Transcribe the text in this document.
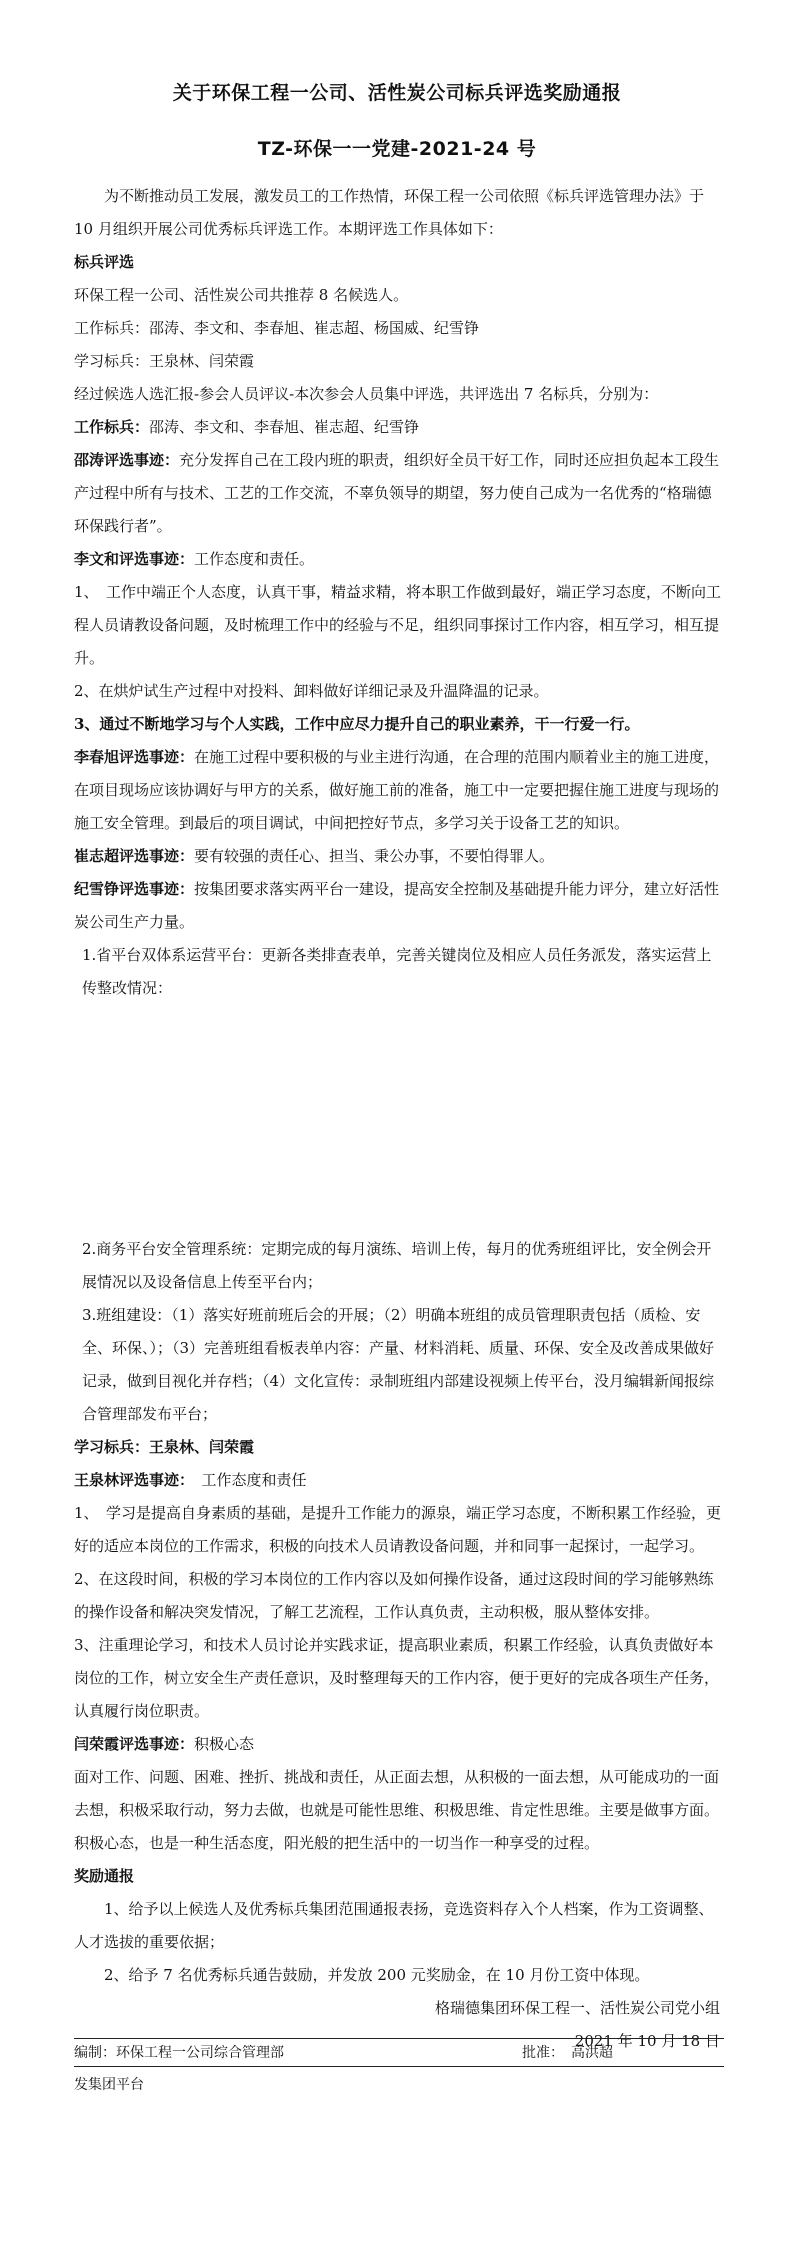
关于环保工程一公司、活性炭公司标兵评选奖励通报
TZ-环保一一党建-2021-24 号

为不断推动员工发展，激发员工的工作热情，环保工程一公司依照《标兵评选管理办法》于 10 月组织开展公司优秀标兵评选工作。本期评选工作具体如下：

标兵评选

环保工程一公司、活性炭公司共推荐 8 名候选人。

工作标兵：邵涛、李文和、李春旭、崔志超、杨国威、纪雪铮

学习标兵：王泉林、闫荣霞

经过候选人选汇报-参会人员评议-本次参会人员集中评选，共评选出 7 名标兵，分别为：

工作标兵：邵涛、李文和、李春旭、崔志超、纪雪铮

邵涛评选事迹：充分发挥自己在工段内班的职责，组织好全员干好工作，同时还应担负起本工段生产过程中所有与技术、工艺的工作交流，不辜负领导的期望，努力使自己成为一名优秀的“格瑞德环保践行者”。

李文和评选事迹：工作态度和责任。

1、　工作中端正个人态度，认真干事，精益求精，将本职工作做到最好，端正学习态度，不断向工程人员请教设备问题，及时梳理工作中的经验与不足，组织同事探讨工作内容，相互学习，相互提升。

2、在烘炉试生产过程中对投料、卸料做好详细记录及升温降温的记录。

3、通过不断地学习与个人实践，工作中应尽力提升自己的职业素养，干一行爱一行。

李春旭评选事迹：在施工过程中要积极的与业主进行沟通，在合理的范围内顺着业主的施工进度，在项目现场应该协调好与甲方的关系，做好施工前的准备，施工中一定要把握住施工进度与现场的施工安全管理。到最后的项目调试，中间把控好节点，多学习关于设备工艺的知识。

崔志超评选事迹：要有较强的责任心、担当、秉公办事，不要怕得罪人。

纪雪铮评选事迹：按集团要求落实两平台一建设，提高安全控制及基础提升能力评分，建立好活性炭公司生产力量。

1.省平台双体系运营平台：更新各类排查表单，完善关键岗位及相应人员任务派发，落实运营上传整改情况：

2.商务平台安全管理系统：定期完成的每月演练、培训上传，每月的优秀班组评比，安全例会开展情况以及设备信息上传至平台内；

3.班组建设：（1）落实好班前班后会的开展；（2）明确本班组的成员管理职责包括（质检、安全、环保、）；（3）完善班组看板表单内容：产量、材料消耗、质量、环保、安全及改善成果做好记录，做到目视化并存档；（4）文化宣传：录制班组内部建设视频上传平台，没月编辑新闻报综合管理部发布平台；

学习标兵：王泉林、闫荣霞

王泉林评选事迹：　工作态度和责任

1、　学习是提高自身素质的基础，是提升工作能力的源泉，端正学习态度，不断积累工作经验，更好的适应本岗位的工作需求，积极的向技术人员请教设备问题，并和同事一起探讨，一起学习。

2、在这段时间，积极的学习本岗位的工作内容以及如何操作设备，通过这段时间的学习能够熟练的操作设备和解决突发情况，了解工艺流程，工作认真负责，主动积极，服从整体安排。

3、注重理论学习，和技术人员讨论并实践求证，提高职业素质，积累工作经验，认真负责做好本岗位的工作，树立安全生产责任意识，及时整理每天的工作内容，便于更好的完成各项生产任务，认真履行岗位职责。

闫荣霞评选事迹：积极心态

面对工作、问题、困难、挫折、挑战和责任，从正面去想，从积极的一面去想，从可能成功的一面去想，积极采取行动，努力去做，也就是可能性思维、积极思维、肯定性思维。主要是做事方面。积极心态，也是一种生活态度，阳光般的把生活中的一切当作一种享受的过程。

奖励通报

1、给予以上候选人及优秀标兵集团范围通报表扬，竞选资料存入个人档案，作为工资调整、人才选拔的重要依据；

2、给予 7 名优秀标兵通告鼓励，并发放 200 元奖励金，在 10 月份工资中体现。

格瑞德集团环保工程一、活性炭公司党小组

2021 年 10 月 18 日

编制：环保工程一公司综合管理部	批准：　高洪超
发集团平台
